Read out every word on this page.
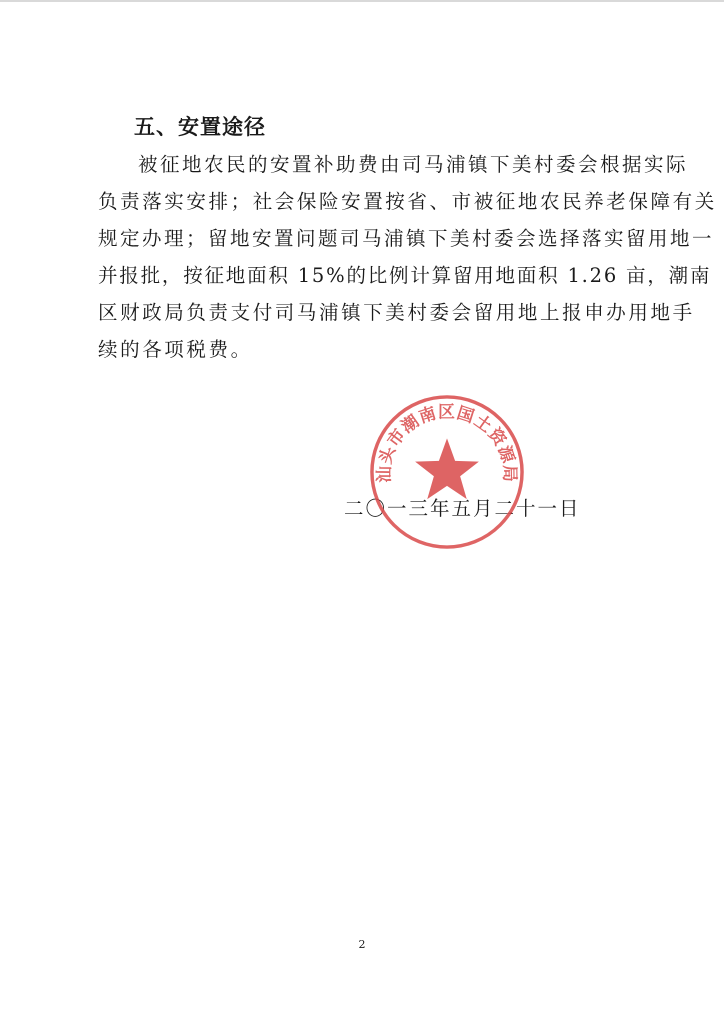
五、安置途径
被征地农民的安置补助费由司马浦镇下美村委会根据实际
负责落实安排；社会保险安置按省、市被征地农民养老保障有关
规定办理；留地安置问题司马浦镇下美村委会选择落实留用地一
并报批，按征地面积 15%的比例计算留用地面积 1.26 亩，潮南
区财政局负责支付司马浦镇下美村委会留用地上报申办用地手
续的各项税费。
二〇一三年五月二十一日
汕头市潮南区国土资源局
2
